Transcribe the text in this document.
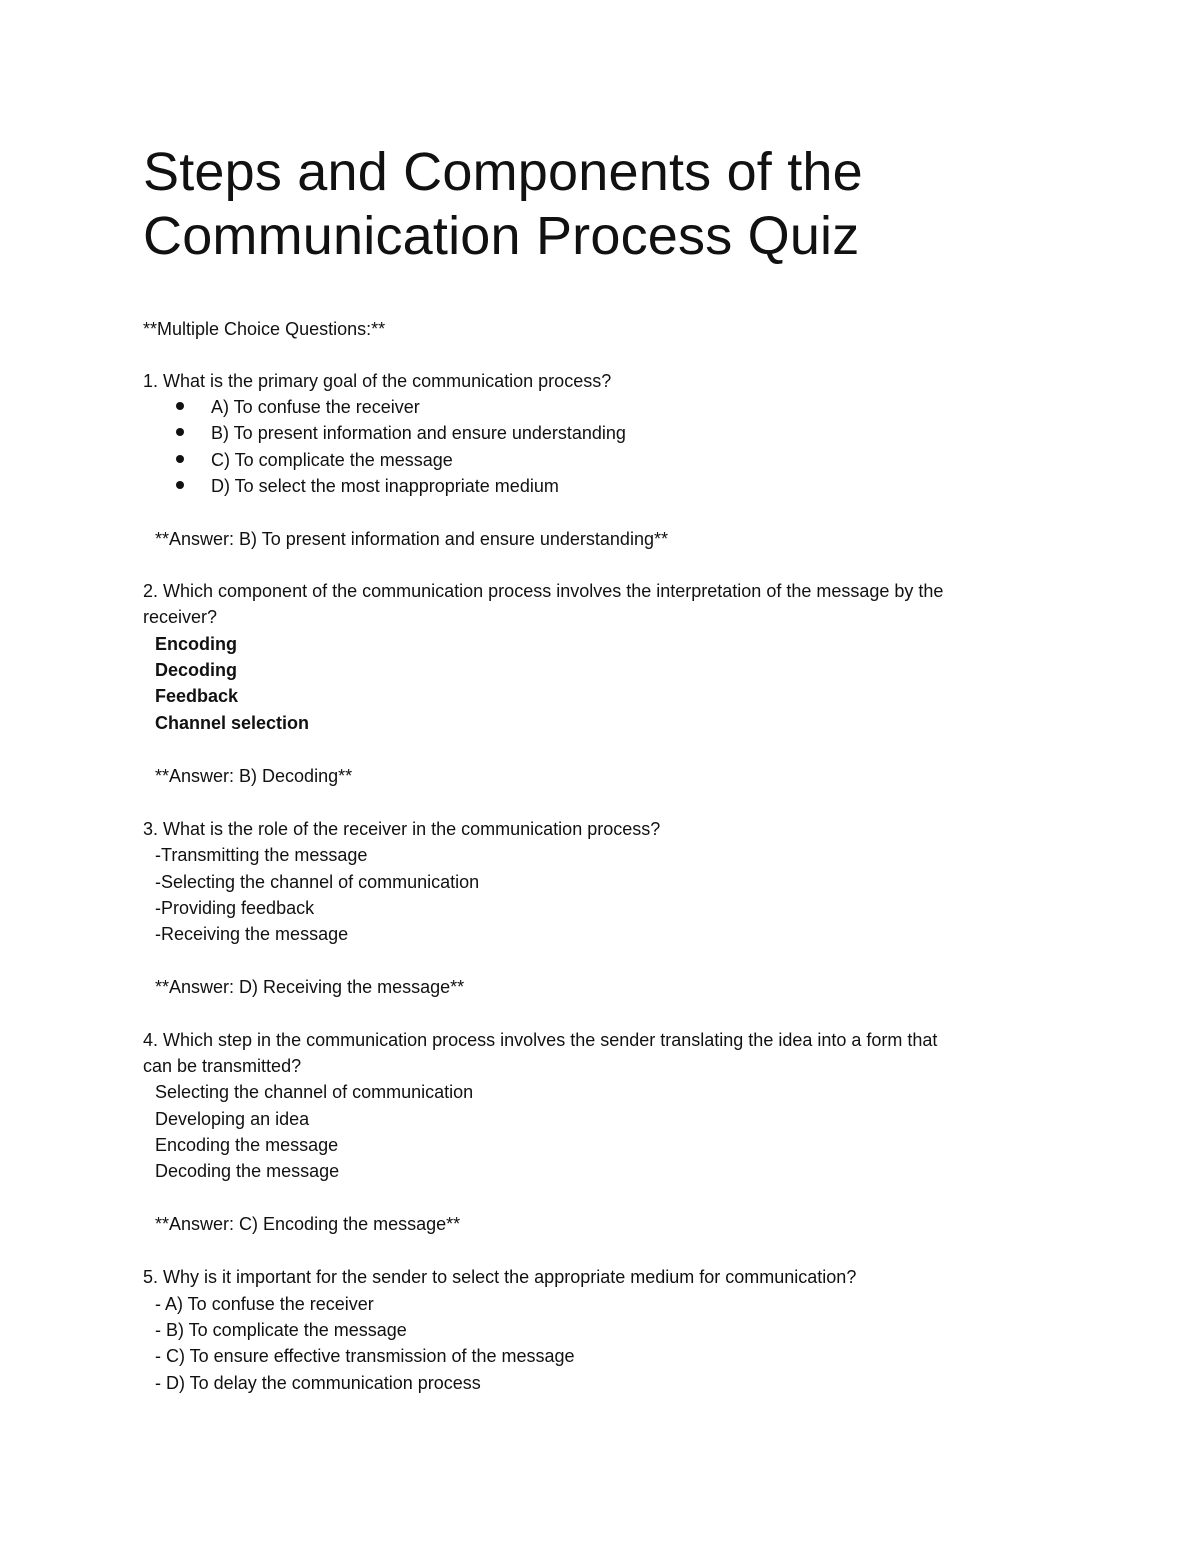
Steps and Components of the
Communication Process Quiz
**Multiple Choice Questions:**
1. What is the primary goal of the communication process?
A) To confuse the receiver
B) To present information and ensure understanding
C) To complicate the message
D) To select the most inappropriate medium
**Answer: B) To present information and ensure understanding**
2. Which component of the communication process involves the interpretation of the message by the
receiver?
Encoding
Decoding
Feedback
Channel selection
**Answer: B) Decoding**
3. What is the role of the receiver in the communication process?
-Transmitting the message
-Selecting the channel of communication
-Providing feedback
-Receiving the message
**Answer: D) Receiving the message**
4. Which step in the communication process involves the sender translating the idea into a form that
can be transmitted?
Selecting the channel of communication
Developing an idea
Encoding the message
Decoding the message
**Answer: C) Encoding the message**
5. Why is it important for the sender to select the appropriate medium for communication?
- A) To confuse the receiver
- B) To complicate the message
- C) To ensure effective transmission of the message
- D) To delay the communication process
